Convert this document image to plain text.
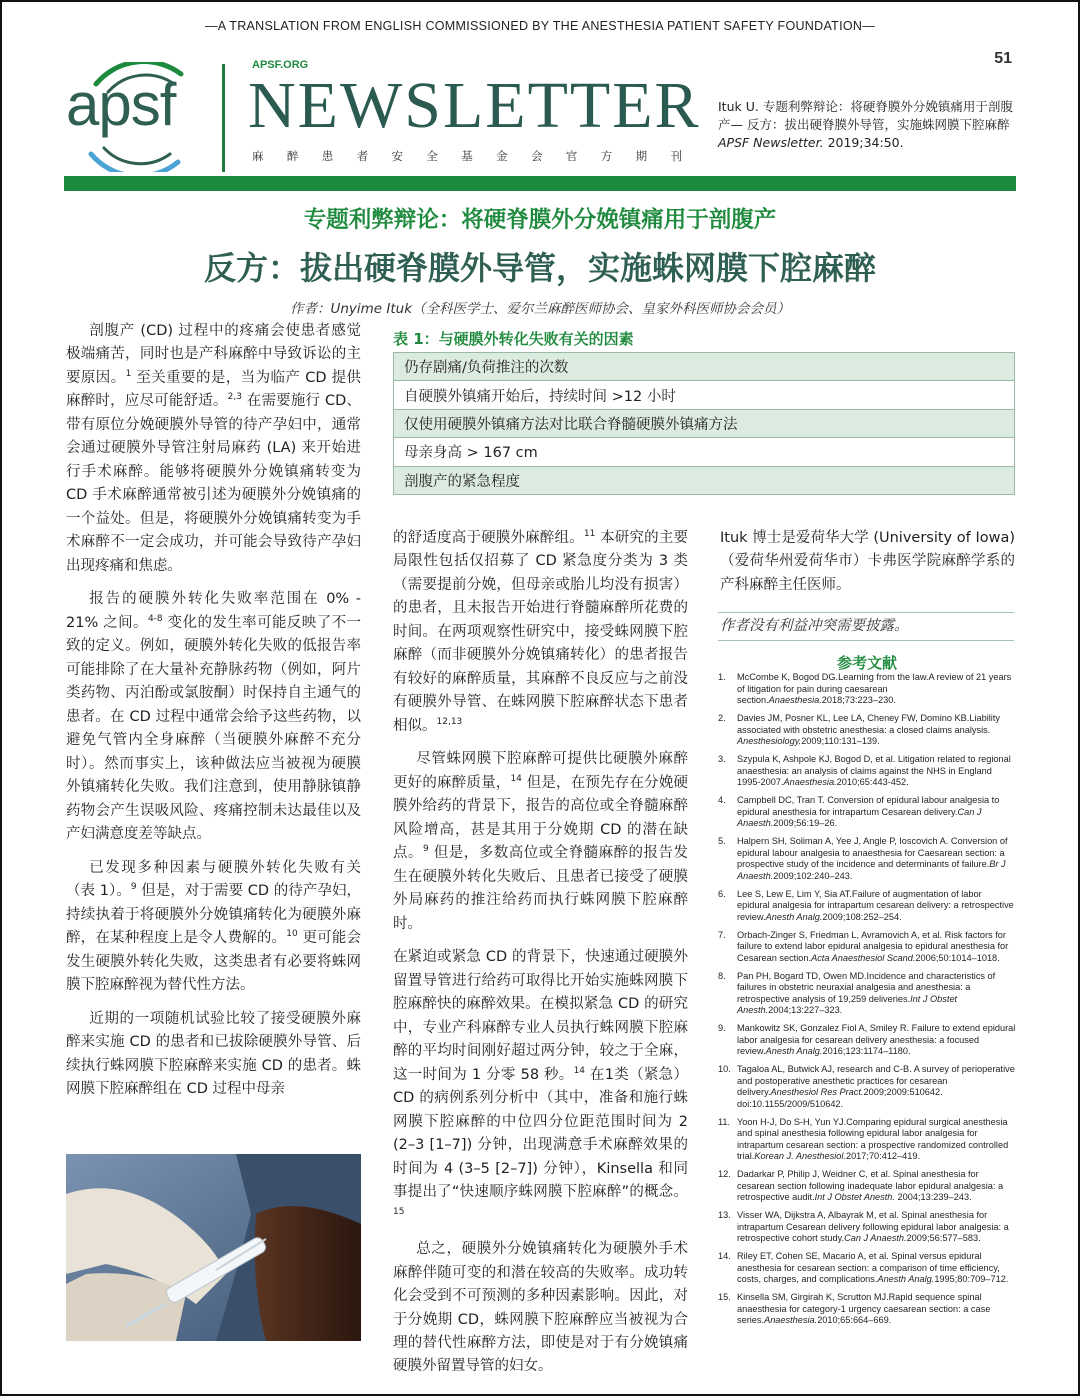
—A TRANSLATION FROM ENGLISH COMMISSIONED BY THE ANESTHESIA PATIENT SAFETY FOUNDATION—
51
apsf
APSF.ORG
NEWSLETTER
麻 醉 患 者 安 全 基 金 会 官 方 期 刊
Ituk U. 专题利弊辩论：将硬脊膜外分娩镇痛用于剖腹产— 反方：拔出硬脊膜外导管，实施蛛网膜下腔麻醉 APSF Newsletter. 2019;34:50.
专题利弊辩论：将硬脊膜外分娩镇痛用于剖腹产
反方：拔出硬脊膜外导管，实施蛛网膜下腔麻醉
作者：Unyime Ituk（全科医学士、爱尔兰麻醉医师协会、皇家外科医师协会会员）

剖腹产 (CD) 过程中的疼痛会使患者感觉极端痛苦，同时也是产科麻醉中导致诉讼的主要原因。$^1$ 至关重要的是，当为临产 CD 提供麻醉时，应尽可能舒适。$^{2,3}$ 在需要施行 CD、带有原位分娩硬膜外导管的待产孕妇中，通常会通过硬膜外导管注射局麻药 (LA) 来开始进行手术麻醉。能够将硬膜外分娩镇痛转变为 CD 手术麻醉通常被引述为硬膜外分娩镇痛的一个益处。但是，将硬膜外分娩镇痛转变为手术麻醉不一定会成功，并可能会导致待产孕妇出现疼痛和焦虑。

报告的硬膜外转化失败率范围在 0% - 21% 之间。$^{4-8}$ 变化的发生率可能反映了不一致的定义。例如，硬膜外转化失败的低报告率可能排除了在大量补充静脉药物（例如，阿片类药物、丙泊酚或氯胺酮）时保持自主通气的患者。在 CD 过程中通常会给予这些药物，以避免气管内全身麻醉（当硬膜外麻醉不充分时）。然而事实上，该种做法应当被视为硬膜外镇痛转化失败。我们注意到，使用静脉镇静药物会产生误吸风险、疼痛控制未达最佳以及产妇满意度差等缺点。

已发现多种因素与硬膜外转化失败有关（表 1）。$^9$ 但是，对于需要 CD 的待产孕妇，持续执着于将硬膜外分娩镇痛转化为硬膜外麻醉，在某种程度上是令人费解的。$^{10}$ 更可能会发生硬膜外转化失败，这类患者有必要将蛛网膜下腔麻醉视为替代性方法。

近期的一项随机试验比较了接受硬膜外麻醉来实施 CD 的患者和已拔除硬膜外导管、后续执行蛛网膜下腔麻醉来实施 CD 的患者。蛛网膜下腔麻醉组在 CD 过程中母亲

表 1：与硬膜外转化失败有关的因素
仍存剧痛/负荷推注的次数
自硬膜外镇痛开始后，持续时间 >12 小时
仅使用硬膜外镇痛方法对比联合脊髓硬膜外镇痛方法
母亲身高 > 167 cm
剖腹产的紧急程度

的舒适度高于硬膜外麻醉组。$^{11}$ 本研究的主要局限性包括仅招募了 CD 紧急度分类为 3 类（需要提前分娩，但母亲或胎儿均没有损害）的患者，且未报告开始进行脊髓麻醉所花费的时间。在两项观察性研究中，接受蛛网膜下腔麻醉（而非硬膜外分娩镇痛转化）的患者报告有较好的麻醉质量，其麻醉不良反应与之前没有硬膜外导管、在蛛网膜下腔麻醉状态下患者相似。$^{12,13}$

尽管蛛网膜下腔麻醉可提供比硬膜外麻醉更好的麻醉质量，$^{14}$ 但是，在预先存在分娩硬膜外给药的背景下，报告的高位或全脊髓麻醉风险增高，甚是其用于分娩期 CD 的潜在缺点。$^9$ 但是，多数高位或全脊髓麻醉的报告发生在硬膜外转化失败后、且患者已接受了硬膜外局麻药的推注给药而执行蛛网膜下腔麻醉时。

在紧迫或紧急 CD 的背景下，快速通过硬膜外留置导管进行给药可取得比开始实施蛛网膜下腔麻醉快的麻醉效果。在模拟紧急 CD 的研究中，专业产科麻醉专业人员执行蛛网膜下腔麻醉的平均时间刚好超过两分钟，较之于全麻，这一时间为 1 分零 58 秒。$^{14}$ 在1类（紧急）CD 的病例系列分析中（其中，准备和施行蛛网膜下腔麻醉的中位四分位距范围时间为 2 (2–3 [1–7]) 分钟，出现满意手术麻醉效果的时间为 4 (3–5 [2–7]) 分钟），Kinsella 和同事提出了“快速顺序蛛网膜下腔麻醉”的概念。$^{15}$

总之，硬膜外分娩镇痛转化为硬膜外手术麻醉伴随可变的和潜在较高的失败率。成功转化会受到不可预测的多种因素影响。因此，对于分娩期 CD，蛛网膜下腔麻醉应当被视为合理的替代性麻醉方法，即使是对于有分娩镇痛硬膜外留置导管的妇女。

Ituk 博士是爱荷华大学 (University of Iowa)（爱荷华州爱荷华市）卡弗医学院麻醉学系的产科麻醉主任医师。

作者没有利益冲突需要披露。
参考文献
1. McCombe K, Bogod DG.Learning from the law.A review of 21 years of litigation for pain during caesarean section.Anaesthesia.2018;73:223–230.
2. Davies JM, Posner KL, Lee LA, Cheney FW, Domino KB.Liability associated with obstetric anesthesia: a closed claims analysis. Anesthesiology.2009;110:131–139.
3. Szypula K, Ashpole KJ, Bogod D, et al. Litigation related to regional anaesthesia: an analysis of claims against the NHS in England 1995-2007.Anaesthesia.2010;65:443-452.
4. Campbell DC, Tran T. Conversion of epidural labour analgesia to epidural anesthesia for intrapartum Cesarean delivery.Can J Anaesth.2009;56:19–26.
5. Halpern SH, Soliman A, Yee J, Angle P, Ioscovich A. Conversion of epidural labour analgesia to anaesthesia for Caesarean section: a prospective study of the incidence and determinants of failure.Br J Anaesth.2009;102:240–243.
6. Lee S, Lew E, Lim Y, Sia AT.Failure of augmentation of labor epidural analgesia for intrapartum cesarean delivery: a retrospective review.Anesth Analg.2009;108:252–254.
7. Orbach-Zinger S, Friedman L, Avramovich A, et al. Risk factors for failure to extend labor epidural analgesia to epidural anesthesia for Cesarean section.Acta Anaesthesiol Scand.2006;50:1014–1018.
8. Pan PH, Bogard TD, Owen MD.Incidence and characteristics of failures in obstetric neuraxial analgesia and anesthesia: a retrospective analysis of 19,259 deliveries.Int J Obstet Anesth.2004;13:227–323.
9. Mankowitz SK, Gonzalez Fiol A, Smiley R. Failure to extend epidural labor analgesia for cesarean delivery anesthesia: a focused review.Anesth Analg.2016;123:1174–1180.
10. Tagaloa AL, Butwick AJ, research and C-B. A survey of perioperative and postoperative anesthetic practices for cesarean delivery.Anesthesiol Res Pract.2009;2009:510642. doi:10.1155/2009/510642.
11. Yoon H-J, Do S-H, Yun YJ.Comparing epidural surgical anesthesia and spinal anesthesia following epidural labor analgesia for intrapartum cesarean section: a prospective randomized controlled trial.Korean J. Anesthesiol.2017;70:412–419.
12. Dadarkar P, Philip J, Weidner C, et al. Spinal anesthesia for cesarean section following inadequate labor epidural analgesia: a retrospective audit.Int J Obstet Anesth. 2004;13:239–243.
13. Visser WA, Dijkstra A, Albayrak M, et al. Spinal anesthesia for intrapartum Cesarean delivery following epidural labor analgesia: a retrospective cohort study.Can J Anaesth.2009;56:577–583.
14. Riley ET, Cohen SE, Macario A, et al. Spinal versus epidural anesthesia for cesarean section: a comparison of time efficiency, costs, charges, and complications.Anesth Analg.1995;80:709–712.
15. Kinsella SM, Girgirah K, Scrutton MJ.Rapid sequence spinal anaesthesia for category-1 urgency caesarean section: a case series.Anaesthesia.2010;65:664–669.
